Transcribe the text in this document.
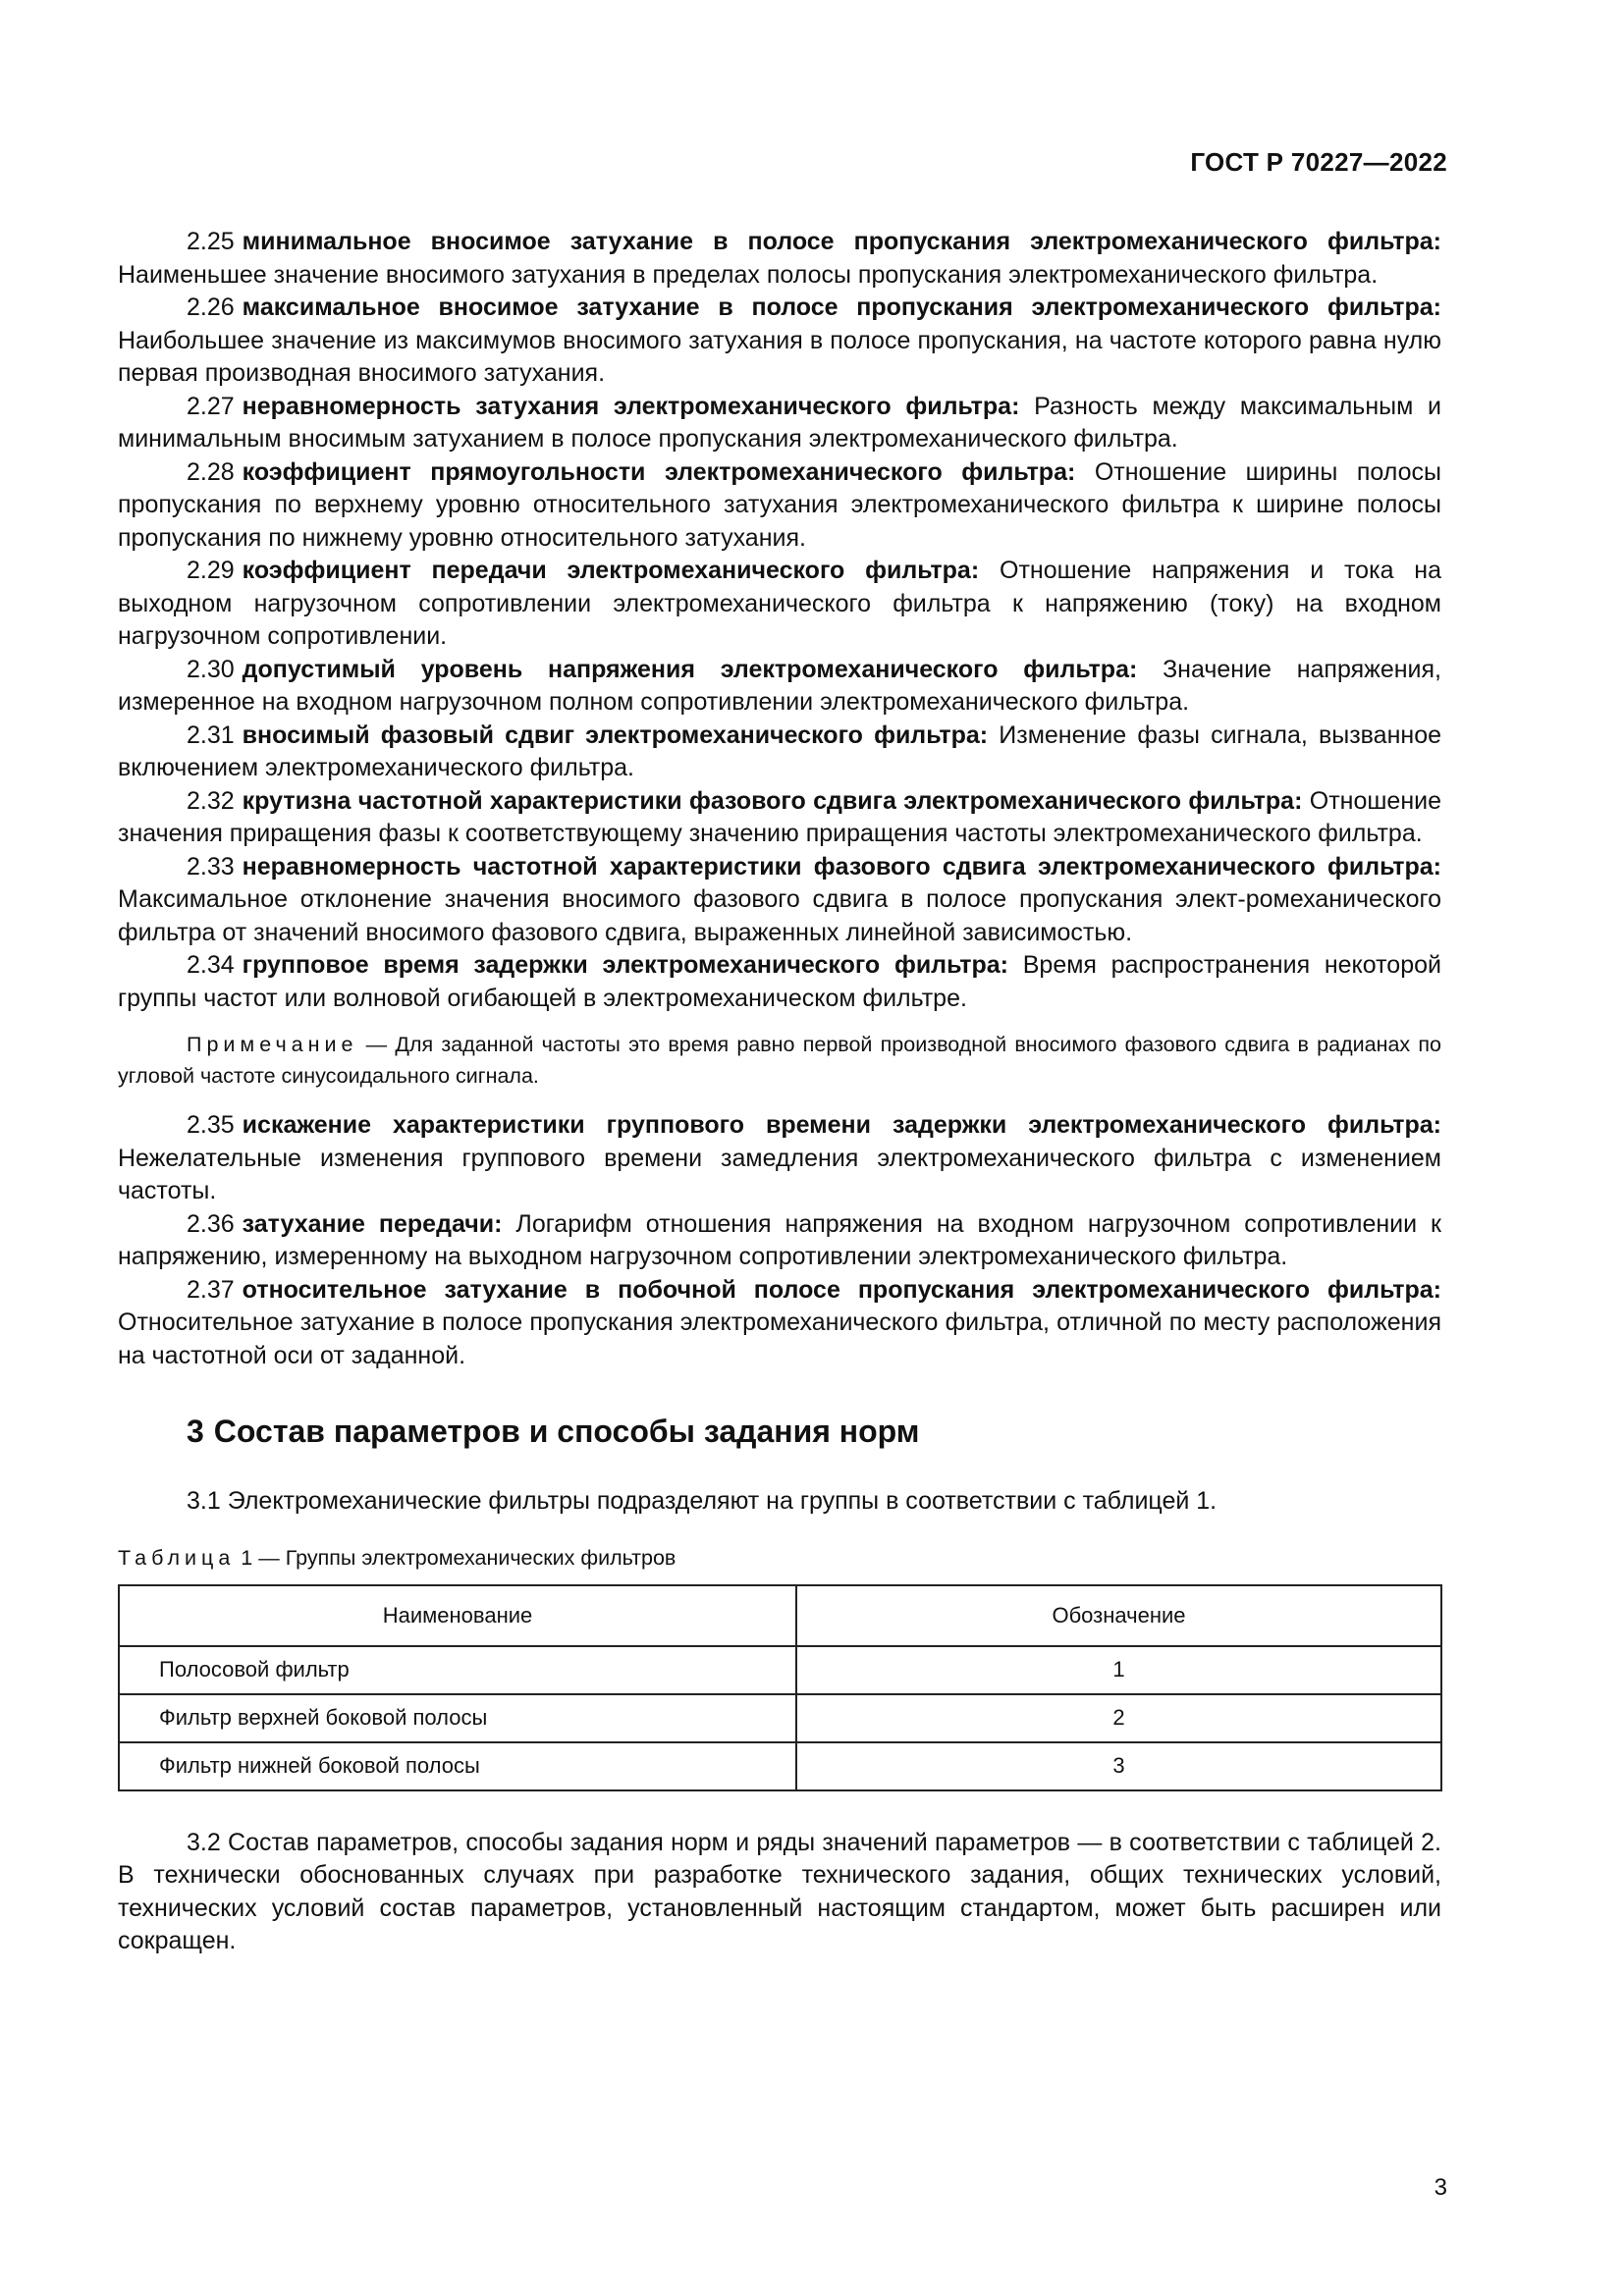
ГОСТ Р 70227—2022

2.25 минимальное вносимое затухание в полосе пропускания электромеханического фильтра: Наименьшее значение вносимого затухания в пределах полосы пропускания электромеханического фильтра.

2.26 максимальное вносимое затухание в полосе пропускания электромеханического фильтра: Наибольшее значение из максимумов вносимого затухания в полосе пропускания, на частоте которого равна нулю первая производная вносимого затухания.

2.27 неравномерность затухания электромеханического фильтра: Разность между максимальным и минимальным вносимым затуханием в полосе пропускания электромеханического фильтра.

2.28 коэффициент прямоугольности электромеханического фильтра: Отношение ширины полосы пропускания по верхнему уровню относительного затухания электромеханического фильтра к ширине полосы пропускания по нижнему уровню относительного затухания.

2.29 коэффициент передачи электромеханического фильтра: Отношение напряжения и тока на выходном нагрузочном сопротивлении электромеханического фильтра к напряжению (току) на входном нагрузочном сопротивлении.

2.30 допустимый уровень напряжения электромеханического фильтра: Значение напряжения, измеренное на входном нагрузочном полном сопротивлении электромеханического фильтра.

2.31 вносимый фазовый сдвиг электромеханического фильтра: Изменение фазы сигнала, вызванное включением электромеханического фильтра.

2.32 крутизна частотной характеристики фазового сдвига электромеханического фильтра: Отношение значения приращения фазы к соответствующему значению приращения частоты электромеханического фильтра.

2.33 неравномерность частотной характеристики фазового сдвига электромеханического фильтра: Максимальное отклонение значения вносимого фазового сдвига в полосе пропускания элект-ромеханического фильтра от значений вносимого фазового сдвига, выраженных линейной зависимостью.

2.34 групповое время задержки электромеханического фильтра: Время распространения некоторой группы частот или волновой огибающей в электромеханическом фильтре.

Примечание — Для заданной частоты это время равно первой производной вносимого фазового сдвига в радианах по угловой частоте синусоидального сигнала.

2.35 искажение характеристики группового времени задержки электромеханического фильтра: Нежелательные изменения группового времени замедления электромеханического фильтра с изменением частоты.

2.36 затухание передачи: Логарифм отношения напряжения на входном нагрузочном сопротивлении к напряжению, измеренному на выходном нагрузочном сопротивлении электромеханического фильтра.

2.37 относительное затухание в побочной полосе пропускания электромеханического фильтра: Относительное затухание в полосе пропускания электромеханического фильтра, отличной по месту расположения на частотной оси от заданной.

3 Состав параметров и способы задания норм

3.1 Электромеханические фильтры подразделяют на группы в соответствии с таблицей 1.

Таблица 1 — Группы электромеханических фильтров
Наименование	Обозначение
Полосовой фильтр	1
Фильтр верхней боковой полосы	2
Фильтр нижней боковой полосы	3

3.2 Состав параметров, способы задания норм и ряды значений параметров — в соответствии с таблицей 2. В технически обоснованных случаях при разработке технического задания, общих технических условий, технических условий состав параметров, установленный настоящим стандартом, может быть расширен или сокращен.

3
